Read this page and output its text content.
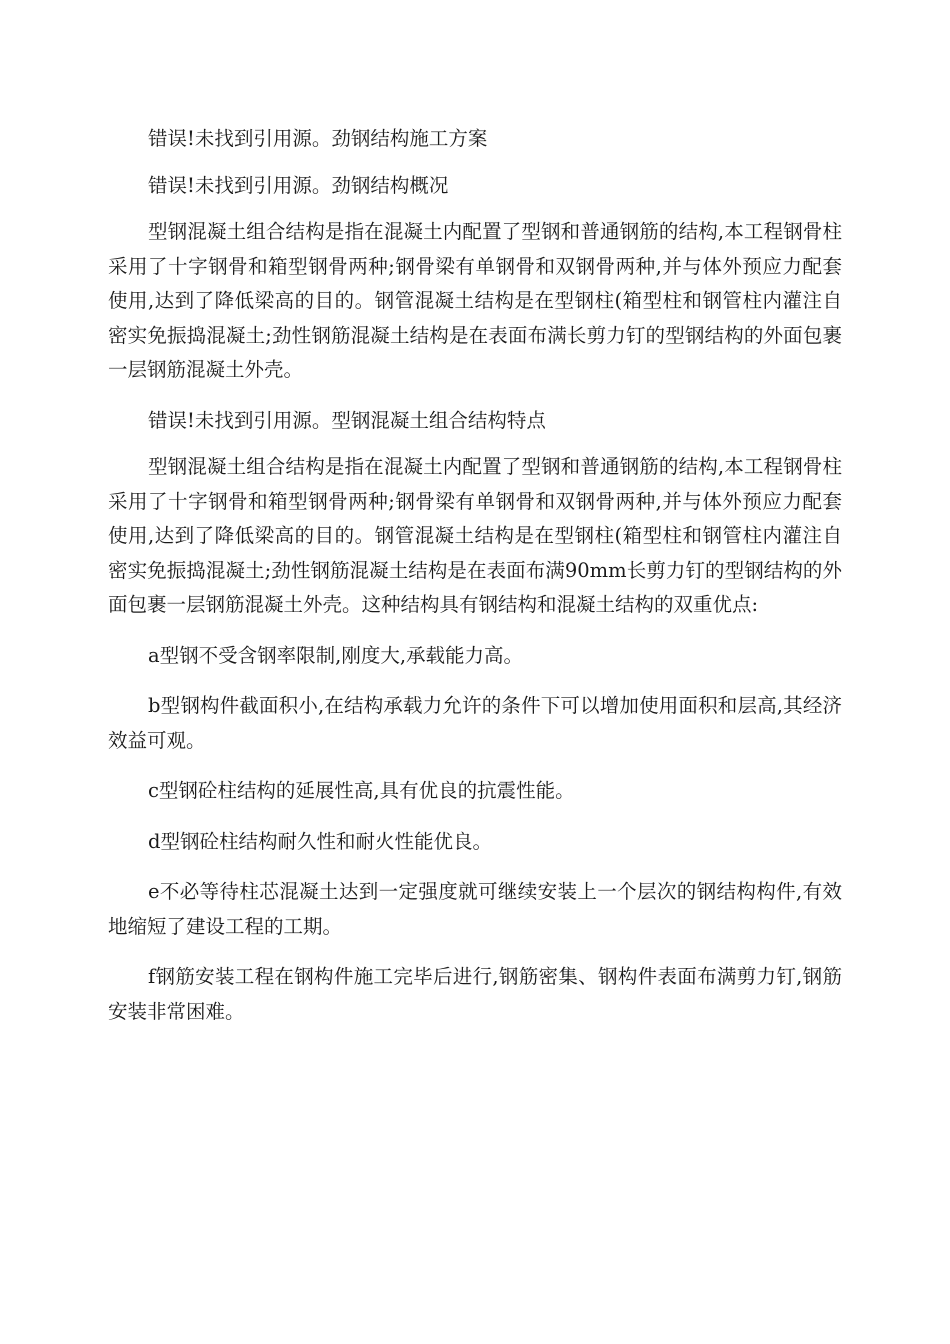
错误!未找到引用源。劲钢结构施工方案

错误!未找到引用源。劲钢结构概况

型钢混凝土组合结构是指在混凝土内配置了型钢和普通钢筋的结构,本工程钢骨柱采用了十字钢骨和箱型钢骨两种;钢骨梁有单钢骨和双钢骨两种,并与体外预应力配套使用,达到了降低梁高的目的。钢管混凝土结构是在型钢柱(箱型柱和钢管柱内灌注自密实免振捣混凝土;劲性钢筋混凝土结构是在表面布满长剪力钉的型钢结构的外面包裹一层钢筋混凝土外壳。

错误!未找到引用源。型钢混凝土组合结构特点

型钢混凝土组合结构是指在混凝土内配置了型钢和普通钢筋的结构,本工程钢骨柱采用了十字钢骨和箱型钢骨两种;钢骨梁有单钢骨和双钢骨两种,并与体外预应力配套使用,达到了降低梁高的目的。钢管混凝土结构是在型钢柱(箱型柱和钢管柱内灌注自密实免振捣混凝土;劲性钢筋混凝土结构是在表面布满90mm长剪力钉的型钢结构的外面包裹一层钢筋混凝土外壳。这种结构具有钢结构和混凝土结构的双重优点:

a型钢不受含钢率限制,刚度大,承载能力高。

b型钢构件截面积小,在结构承载力允许的条件下可以增加使用面积和层高,其经济效益可观。

c型钢砼柱结构的延展性高,具有优良的抗震性能。

d型钢砼柱结构耐久性和耐火性能优良。

e不必等待柱芯混凝土达到一定强度就可继续安装上一个层次的钢结构构件,有效地缩短了建设工程的工期。

f钢筋安装工程在钢构件施工完毕后进行,钢筋密集、钢构件表面布满剪力钉,钢筋安装非常困难。
